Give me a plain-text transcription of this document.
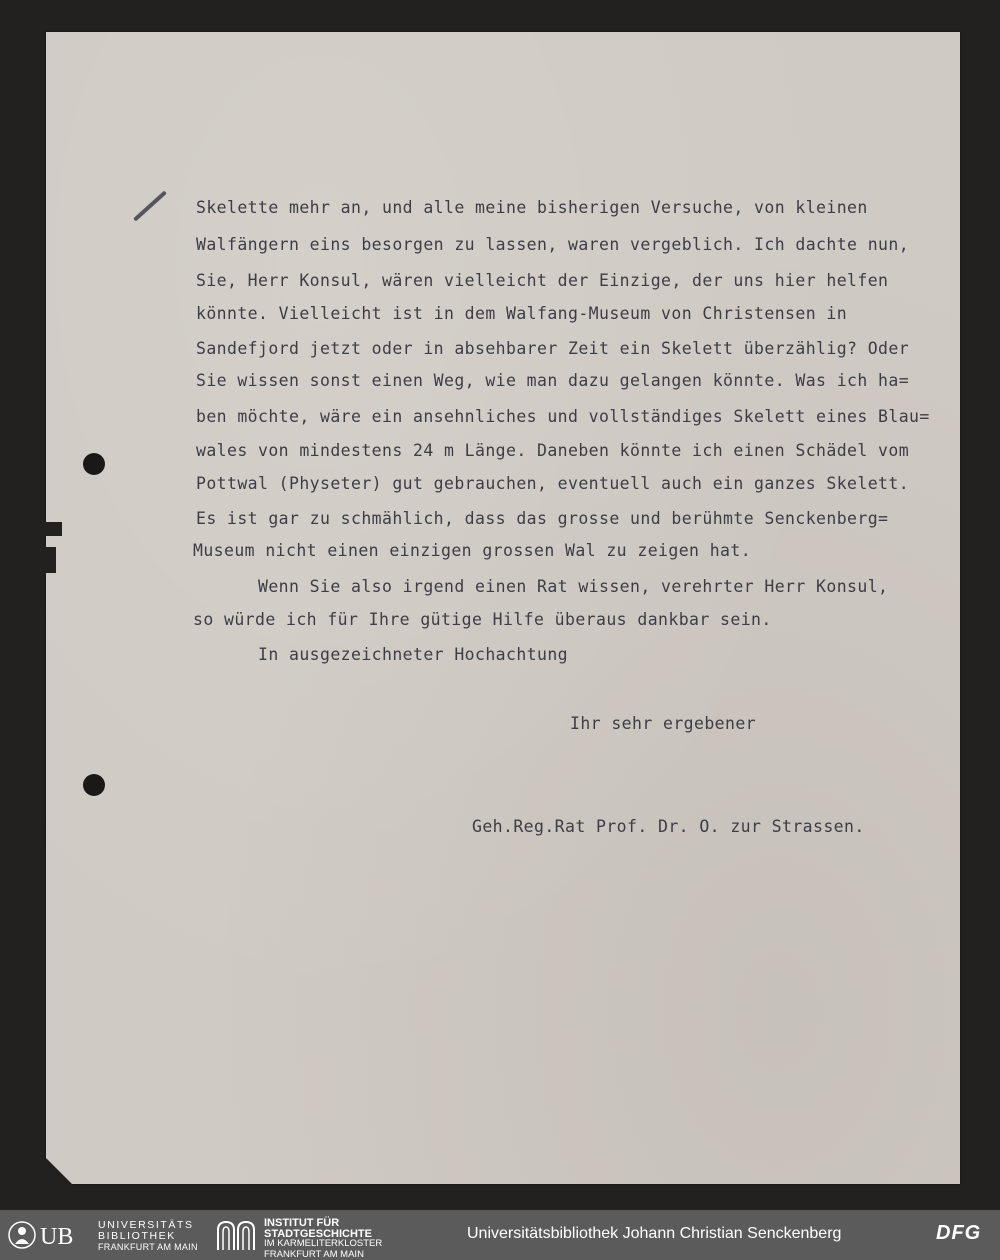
Skelette mehr an, und alle meine bisherigen Versuche, von kleinen
Walfängern eins besorgen zu lassen, waren vergeblich. Ich dachte nun,
Sie, Herr Konsul, wären vielleicht der Einzige, der uns hier helfen
könnte. Vielleicht ist in dem Walfang-Museum von Christensen in
Sandefjord jetzt oder in absehbarer Zeit ein Skelett überzählig? Oder
Sie wissen sonst einen Weg, wie man dazu gelangen könnte. Was ich ha=
ben möchte, wäre ein ansehnliches und vollständiges Skelett eines Blau=
wales von mindestens 24 m Länge. Daneben könnte ich einen Schädel vom
Pottwal (Physeter) gut gebrauchen, eventuell auch ein ganzes Skelett.
Es ist gar zu schmählich, dass das grosse und berühmte Senckenberg=
Museum nicht einen einzigen grossen Wal zu zeigen hat.
Wenn Sie also irgend einen Rat wissen, verehrter Herr Konsul,
so würde ich für Ihre gütige Hilfe überaus dankbar sein.
In ausgezeichneter Hochachtung
Ihr sehr ergebener
Geh.Reg.Rat Prof. Dr. O. zur Strassen.
UB UNIVERSITÄTS
BIBLIOTHEK
FRANKFURT AM MAIN
INSTITUT FÜR
STADTGESCHICHTE
IM KARMELITERKLOSTER
FRANKFURT AM MAIN
Universitätsbibliothek Johann Christian Senckenberg	DFG
